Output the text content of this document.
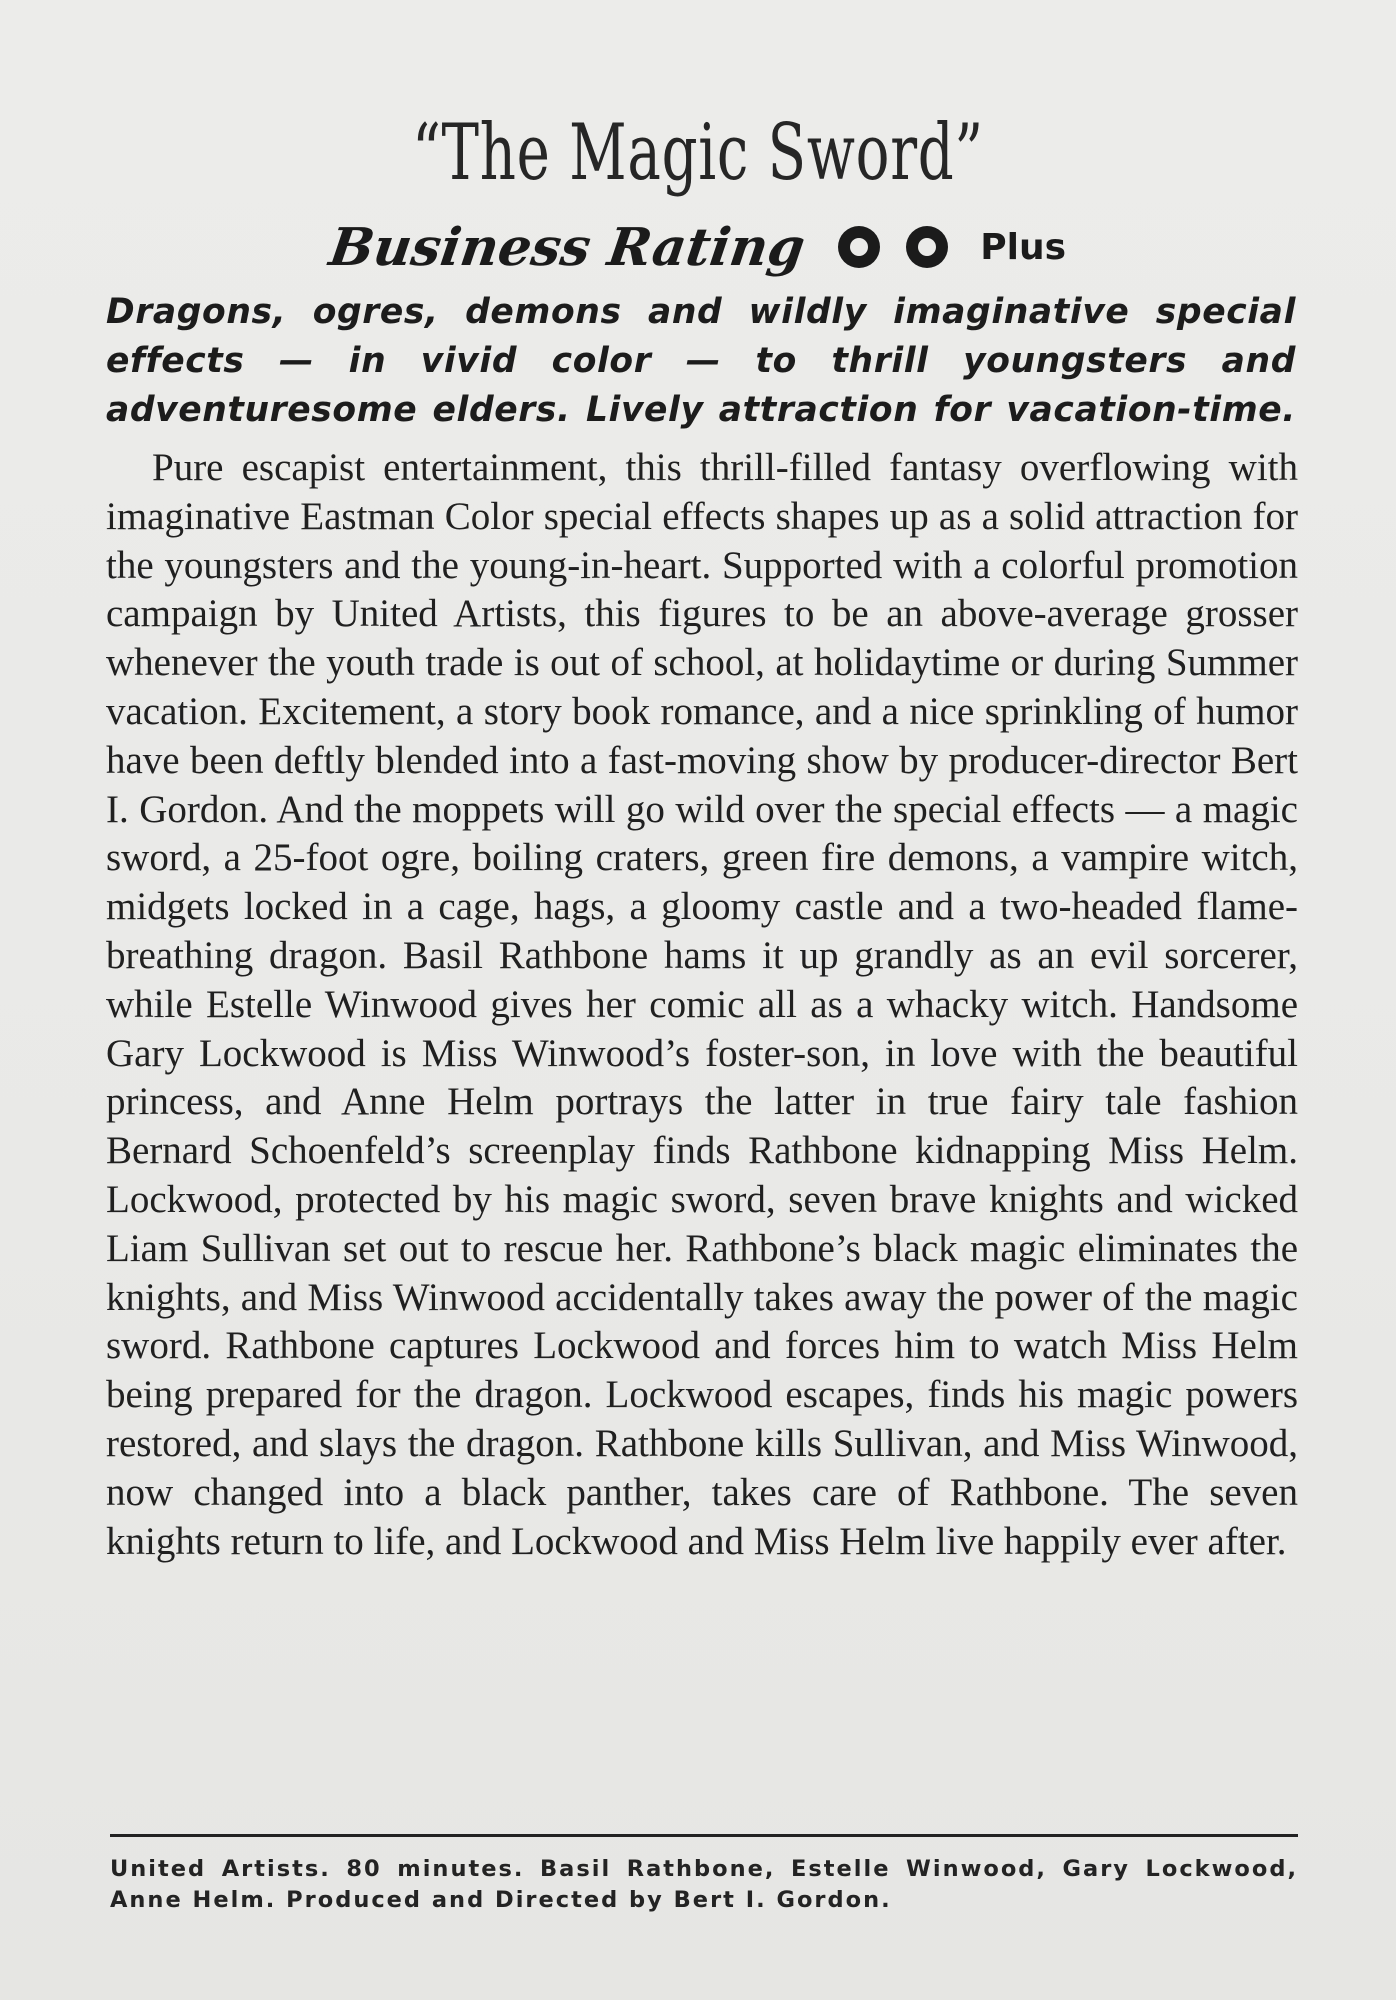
“The Magic Sword”
Business Rating	Plus
Dragons, ogres, demons and wildly imaginative special effects — in vivid color — to thrill youngsters and adventuresome elders. Lively attraction for vacation-time.
Pure escapist entertainment, this thrill-filled fantasy overflowing with imaginative Eastman Color special effects shapes up as a solid attraction for the youngsters and the young-in-heart. Supported with a colorful promotion campaign by United Artists, this figures to be an above-average grosser whenever the youth trade is out of school, at holidaytime or during Summer vacation. Excitement, a story book romance, and a nice sprinkling of humor have been deftly blended into a fast-moving show by producer-director Bert I. Gordon. And the moppets will go wild over the special effects — a magic sword, a 25-foot ogre, boiling craters, green fire demons, a vampire witch, midgets locked in a cage, hags, a gloomy castle and a two-headed flame-breathing dragon. Basil Rathbone hams it up grandly as an evil sorcerer, while Estelle Winwood gives her comic all as a whacky witch. Handsome Gary Lockwood is Miss Winwood’s foster-son, in love with the beautiful princess, and Anne Helm portrays the latter in true fairy tale fashion Bernard Schoenfeld’s screenplay finds Rathbone kidnapping Miss Helm. Lockwood, protected by his magic sword, seven brave knights and wicked Liam Sullivan set out to rescue her. Rathbone’s black magic eliminates the knights, and Miss Winwood accidentally takes away the power of the magic sword. Rathbone captures Lockwood and forces him to watch Miss Helm being prepared for the dragon. Lockwood escapes, finds his magic powers restored, and slays the dragon. Rathbone kills Sullivan, and Miss Winwood, now changed into a black panther, takes care of Rathbone. The seven knights return to life, and Lockwood and Miss Helm live happily ever after.
United Artists. 80 minutes. Basil Rathbone, Estelle Winwood, Gary Lockwood, Anne Helm. Produced and Directed by Bert I. Gordon.
